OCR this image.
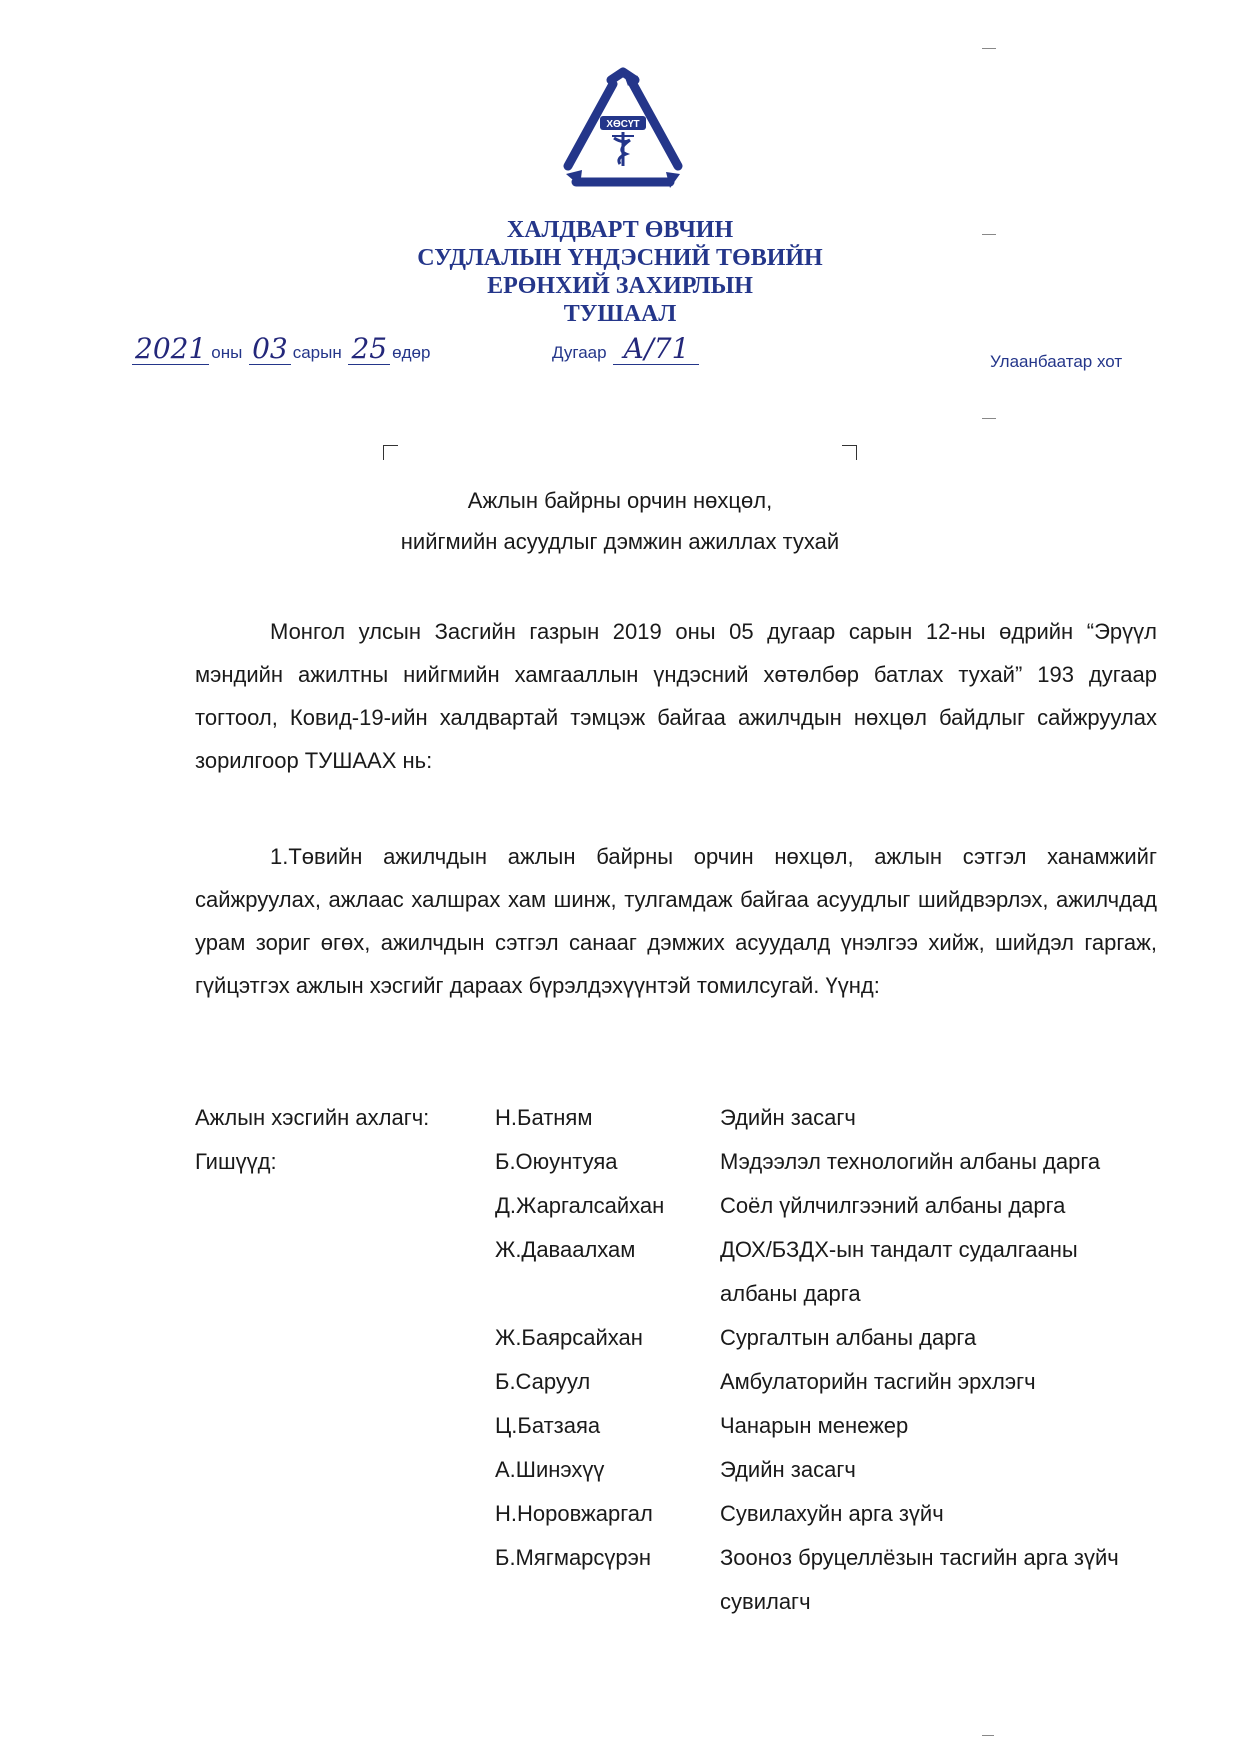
ХӨСҮТ
ХАЛДВАРТ ӨВЧИН
СУДЛАЛЫН ҮНДЭСНИЙ ТӨВИЙН
ЕРӨНХИЙ ЗАХИРЛЫН
ТУШААЛ
2021 оны 03 сарын 25 өдөр	Дугаар А/71	Улаанбаатар хот
Ажлын байрны орчин нөхцөл,
нийгмийн асуудлыг дэмжин ажиллах тухай
Монгол улсын Засгийн газрын 2019 оны 05 дугаар сарын 12-ны өдрийн “Эрүүл мэндийн ажилтны нийгмийн хамгааллын үндэсний хөтөлбөр батлах тухай” 193 дугаар тогтоол, Ковид-19-ийн халдвартай тэмцэж байгаа ажилчдын нөхцөл байдлыг сайжруулах зорилгоор ТУШААХ нь:
1.Төвийн ажилчдын ажлын байрны орчин нөхцөл, ажлын сэтгэл ханамжийг сайжруулах, ажлаас халшрах хам шинж, тулгамдаж байгаа асуудлыг шийдвэрлэх, ажилчдад урам зориг өгөх, ажилчдын сэтгэл санааг дэмжих асуудалд үнэлгээ хийж, шийдэл гаргаж, гүйцэтгэх ажлын хэсгийг дараах бүрэлдэхүүнтэй томилсугай. Үүнд:
Ажлын хэсгийн ахлагч:	Н.Батням	Эдийн засагч
Гишүүд:	Б.Оюунтуяа	Мэдээлэл технологийн албаны дарга
Д.Жаргалсайхан	Соёл үйлчилгээний албаны дарга
Ж.Даваалхам	ДОХ/БЗДХ-ын тандалт судалгааны албаны дарга
Ж.Баярсайхан	Сургалтын албаны дарга
Б.Саруул	Амбулаторийн тасгийн эрхлэгч
Ц.Батзаяа	Чанарын менежер
А.Шинэхүү	Эдийн засагч
Н.Норовжаргал	Сувилахуйн арга зүйч
Б.Мягмарсүрэн	Зооноз бруцеллёзын тасгийн арга зүйч сувилагч
